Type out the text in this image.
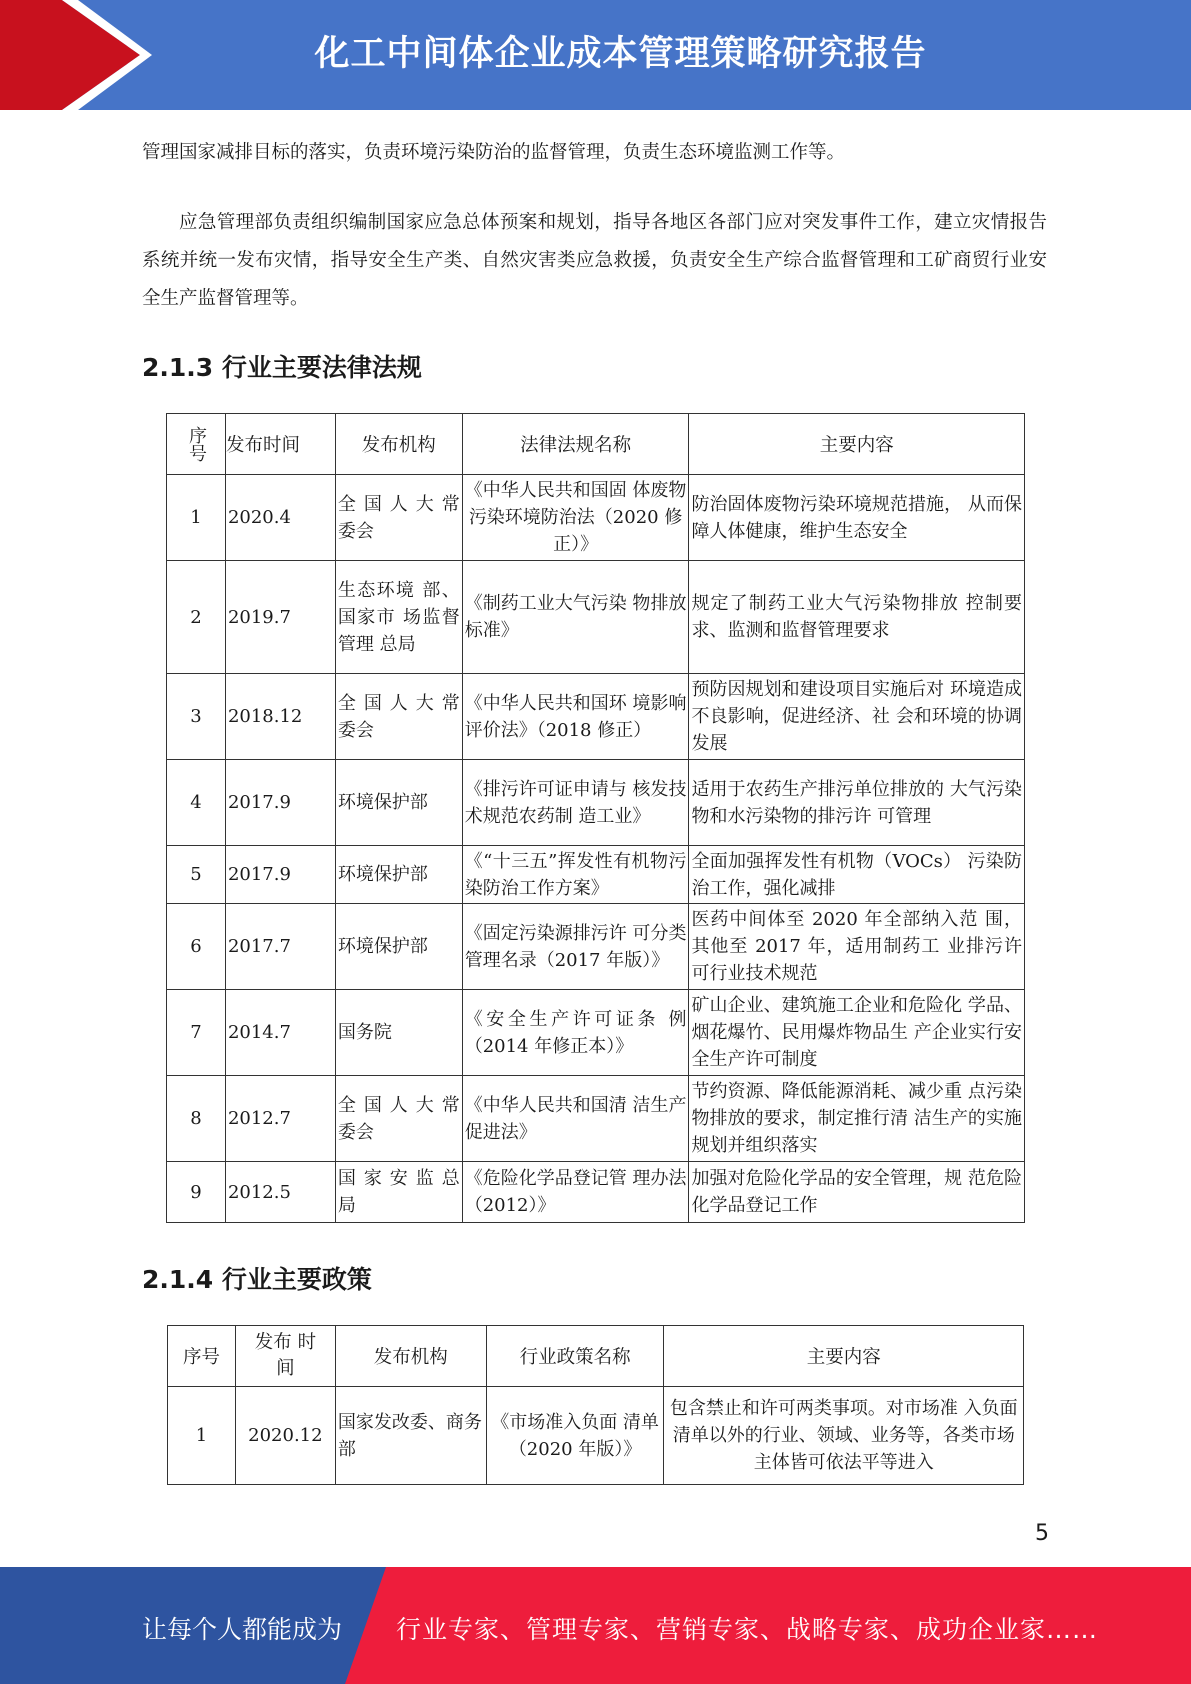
化工中间体企业成本管理策略研究报告

管理国家减排目标的落实，负责环境污染防治的监督管理，负责生态环境监测工作等。

应急管理部负责组织编制国家应急总体预案和规划，指导各地区各部门应对突发事件工作，建立灾情报告系统并统一发布灾情，指导安全生产类、自然灾害类应急救援，负责安全生产综合监督管理和工矿商贸行业安全生产监督管理等。

2.1.3 行业主要法律法规
序号	发布时间	发布机构	法律法规名称	主要内容
1	2020.4	全 国 人 大 常 委会	《中华人民共和国固 体废物污染环境防治法（2020 修正）》	防治固体废物污染环境规范措施， 从而保障人体健康，维护生态安全
2	2019.7	生态环境 部、国家市 场监督管理 总局	《制药工业大气污染 物排放标准》	规定了制药工业大气污染物排放 控制要求、监测和监督管理要求
3	2018.12	全 国 人 大 常 委会	《中华人民共和国环 境影响评价法》（2018 修正）	预防因规划和建设项目实施后对 环境造成不良影响，促进经济、社 会和环境的协调发展
4	2017.9	环境保护部	《排污许可证申请与 核发技术规范农药制 造工业》	适用于农药生产排污单位排放的 大气污染物和水污染物的排污许 可管理
5	2017.9	环境保护部	《“十三五”挥发性有机物污染防治工作方案》	全面加强挥发性有机物（VOCs） 污染防治工作，强化减排
6	2017.7	环境保护部	《固定污染源排污许 可分类管理名录（2017 年版）》	医药中间体至 2020 年全部纳入范 围，其他至 2017 年，适用制药工 业排污许可行业技术规范
7	2014.7	国务院	《安全生产许可证条 例（2014 年修正本）》	矿山企业、建筑施工企业和危险化 学品、烟花爆竹、民用爆炸物品生 产企业实行安全生产许可制度
8	2012.7	全 国 人 大 常 委会	《中华人民共和国清 洁生产促进法》	节约资源、降低能源消耗、减少重 点污染物排放的要求，制定推行清 洁生产的实施规划并组织落实
9	2012.5	国 家 安 监 总 局	《危险化学品登记管 理办法（2012）》	加强对危险化学品的安全管理，规 范危险化学品登记工作
2.1.4 行业主要政策
序号	发布 时间	发布机构	行业政策名称	主要内容
1	2020.12	国家发改委、商务部	《市场准入负面 清单（2020 年版）》	包含禁止和许可两类事项。对市场准 入负面清单以外的行业、领域、业务等，各类市场主体皆可依法平等进入
5
让每个人都能成为 行业专家、管理专家、营销专家、战略专家、成功企业家……
